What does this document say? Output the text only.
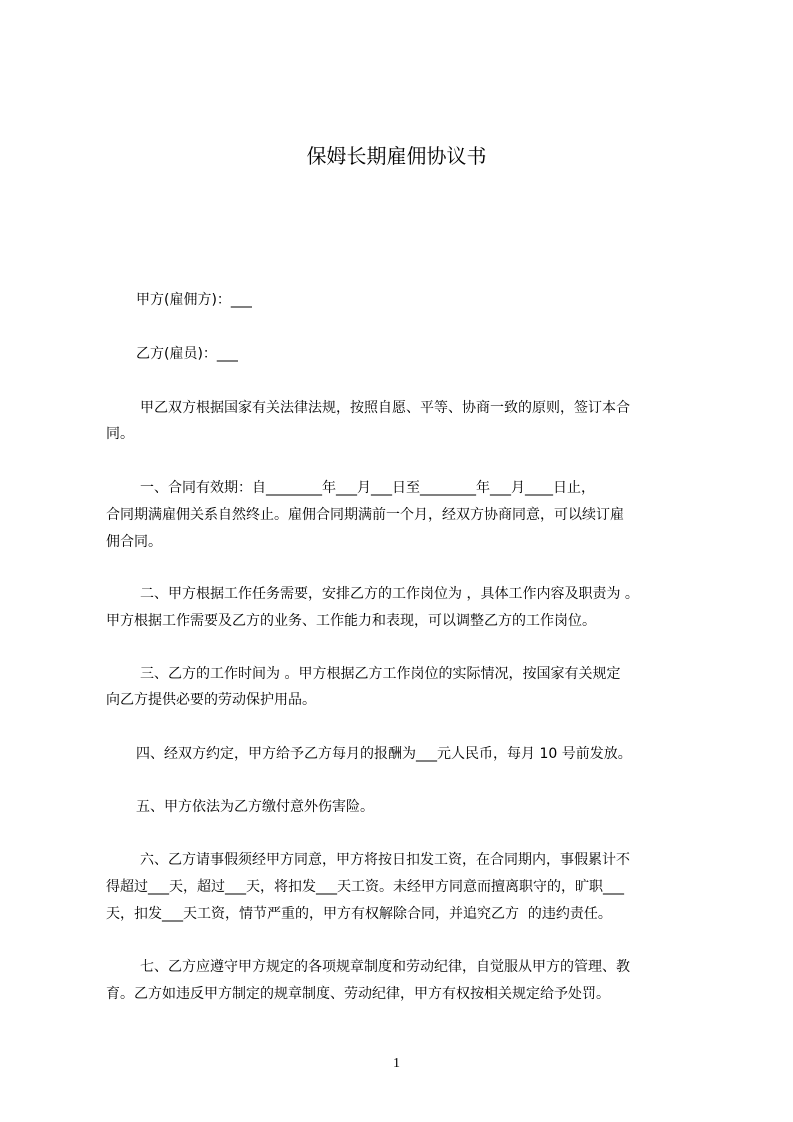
保姆长期雇佣协议书
甲方(雇佣方)：___
乙方(雇员)：___
甲乙双方根据国家有关法律法规，按照自愿、平等、协商一致的原则，签订本合
同。
一、合同有效期：自________年___月___日至________年___月____日止，
合同期满雇佣关系自然终止。雇佣合同期满前一个月，经双方协商同意，可以续订雇
佣合同。
二、甲方根据工作任务需要，安排乙方的工作岗位为 ，具体工作内容及职责为 。
甲方根据工作需要及乙方的业务、工作能力和表现，可以调整乙方的工作岗位。
三、乙方的工作时间为 。甲方根据乙方工作岗位的实际情况，按国家有关规定
向乙方提供必要的劳动保护用品。
四、经双方约定，甲方给予乙方每月的报酬为___元人民币，每月 10 号前发放。
五、甲方依法为乙方缴付意外伤害险。
六、乙方请事假须经甲方同意，甲方将按日扣发工资，在合同期内，事假累计不
得超过___天，超过___天，将扣发___天工资。未经甲方同意而擅离职守的，旷职___
天，扣发___天工资，情节严重的，甲方有权解除合同，并追究乙方  的违约责任。
七、乙方应遵守甲方规定的各项规章制度和劳动纪律，自觉服从甲方的管理、教
育。乙方如违反甲方制定的规章制度、劳动纪律，甲方有权按相关规定给予处罚。
1
